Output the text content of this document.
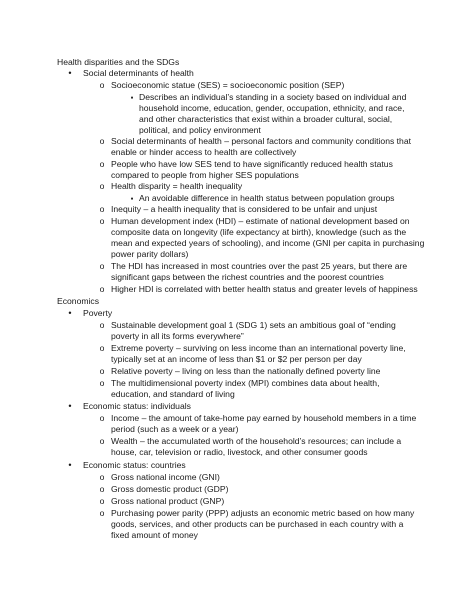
Health disparities and the SDGs
•	Social determinants of health
o Socioeconomic statue (SES) = socioeconomic position (SEP)
▪ Describes an individual’s standing in a society based on individual and
household income, education, gender, occupation, ethnicity, and race,
and other characteristics that exist within a broader cultural, social,
political, and policy environment
o Social determinants of health – personal factors and community conditions that
enable or hinder access to health are collectively
o People who have low SES tend to have significantly reduced health status
compared to people from higher SES populations
o Health disparity = health inequality
▪ An avoidable difference in health status between population groups
o Inequity – a health inequality that is considered to be unfair and unjust
o Human development index (HDI) – estimate of national development based on
composite data on longevity (life expectancy at birth), knowledge (such as the
mean and expected years of schooling), and income (GNI per capita in purchasing
power parity dollars)
o The HDI has increased in most countries over the past 25 years, but there are
significant gaps between the richest countries and the poorest countries
o Higher HDI is correlated with better health status and greater levels of happiness
Economics
•	Poverty
o Sustainable development goal 1 (SDG 1) sets an ambitious goal of “ending
poverty in all its forms everywhere”
o Extreme poverty – surviving on less income than an international poverty line,
typically set at an income of less than $1 or $2 per person per day
o Relative poverty – living on less than the nationally defined poverty line
o The multidimensional poverty index (MPI) combines data about health,
education, and standard of living
•	Economic status: individuals
o Income – the amount of take-home pay earned by household members in a time
period (such as a week or a year)
o Wealth – the accumulated worth of the household’s resources; can include a
house, car, television or radio, livestock, and other consumer goods
•	Economic status: countries
o Gross national income (GNI)
o Gross domestic product (GDP)
o Gross national product (GNP)
o Purchasing power parity (PPP) adjusts an economic metric based on how many
goods, services, and other products can be purchased in each country with a
fixed amount of money
